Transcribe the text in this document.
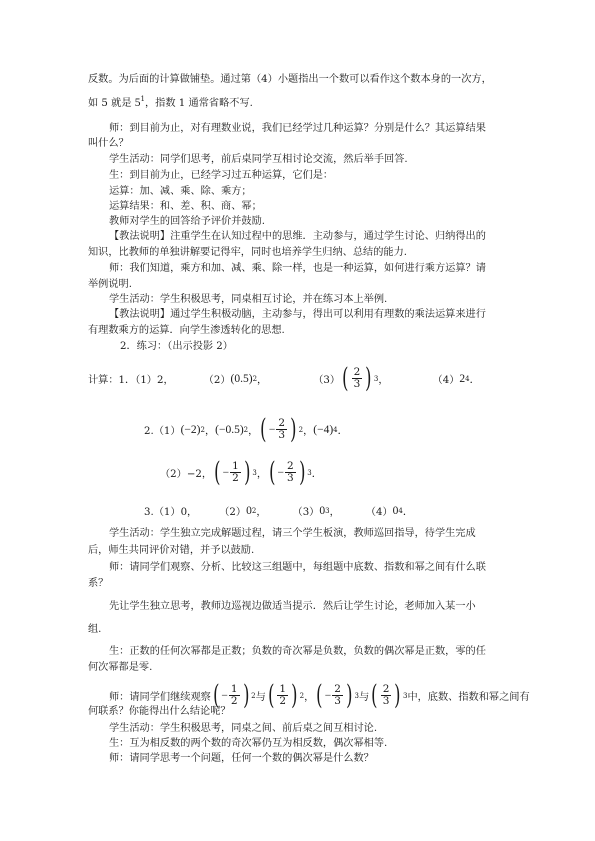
反数。为后面的计算做铺垫。通过第（4）小题指出一个数可以看作这个数本身的一次方，
如 5 就是 $5^1$，指数 1 通常省略不写.
师：到目前为止，对有理数业说，我们已经学过几种运算？分别是什么？其运算结果
叫什么？
学生活动：同学们思考，前后桌同学互相讨论交流，然后举手回答.
生：到目前为止，已经学习过五种运算，它们是：
运算：加、减、乘、除、乘方；
运算结果：和、差、积、商、幂；
教师对学生的回答给予评价并鼓励.
【教法说明】注重学生在认知过程中的思维．主动参与，通过学生讨论、归纳得出的
知识，比教师的单独讲解要记得牢，同时也培养学生归纳、总结的能力.
师：我们知道，乘方和加、减、乘、除一样，也是一种运算，如何进行乘方运算？请
举例说明.
学生活动：学生积极思考，同桌相互讨论，并在练习本上举例.
【教法说明】通过学生积极动脑，主动参与，得出可以利用有理数的乘法运算来进行
有理数乘方的运算．向学生渗透转化的思想.
2．练习：（出示投影 2）
计算：1．（1）2，	（2） (0.5) 2 ，	（3） ( $\frac{2}{3}$ ) 3 ，	（4） 2 4 ．
2.（1） (−2) 2 ， (−0.5) 2 ， ( − $\frac{2}{3}$ ) 2 ， (−4) 4 ．
（2）−2， ( − $\frac{1}{2}$ ) 3 ， ( − $\frac{2}{3}$ ) 3 ．
3.（1）0， （2） 0 2 ，	（3） 0 3 ，	（4） 0 4 ．
学生活动：学生独立完成解题过程，请三个学生板演，教师巡回指导，待学生完成
后，师生共同评价对错，并予以鼓励.
师：请同学们观察、分析、比较这三组题中，每组题中底数、指数和幂之间有什么联
系？
先让学生独立思考，教师边巡视边做适当提示．然后让学生讨论，老师加入某一小
组.
生：正数的任何次幂都是正数；负数的奇次幂是负数，负数的偶次幂是正数，零的任
何次幂都是零.
师：请同学们继续观察 ( − $\frac{1}{2}$ ) 2 与 ( $\frac{1}{2}$ ) 2 ， ( − $\frac{2}{3}$ ) 3 与 ( $\frac{2}{3}$ ) 3 中，底数、指数和幂之间有
何联系？你能得出什么结论呢？
学生活动：学生积极思考，同桌之间、前后桌之间互相讨论.
生：互为相反数的两个数的奇次幂仍互为相反数，偶次幂相等.
师：请同学思考一个问题，任何一个数的偶次幂是什么数？
